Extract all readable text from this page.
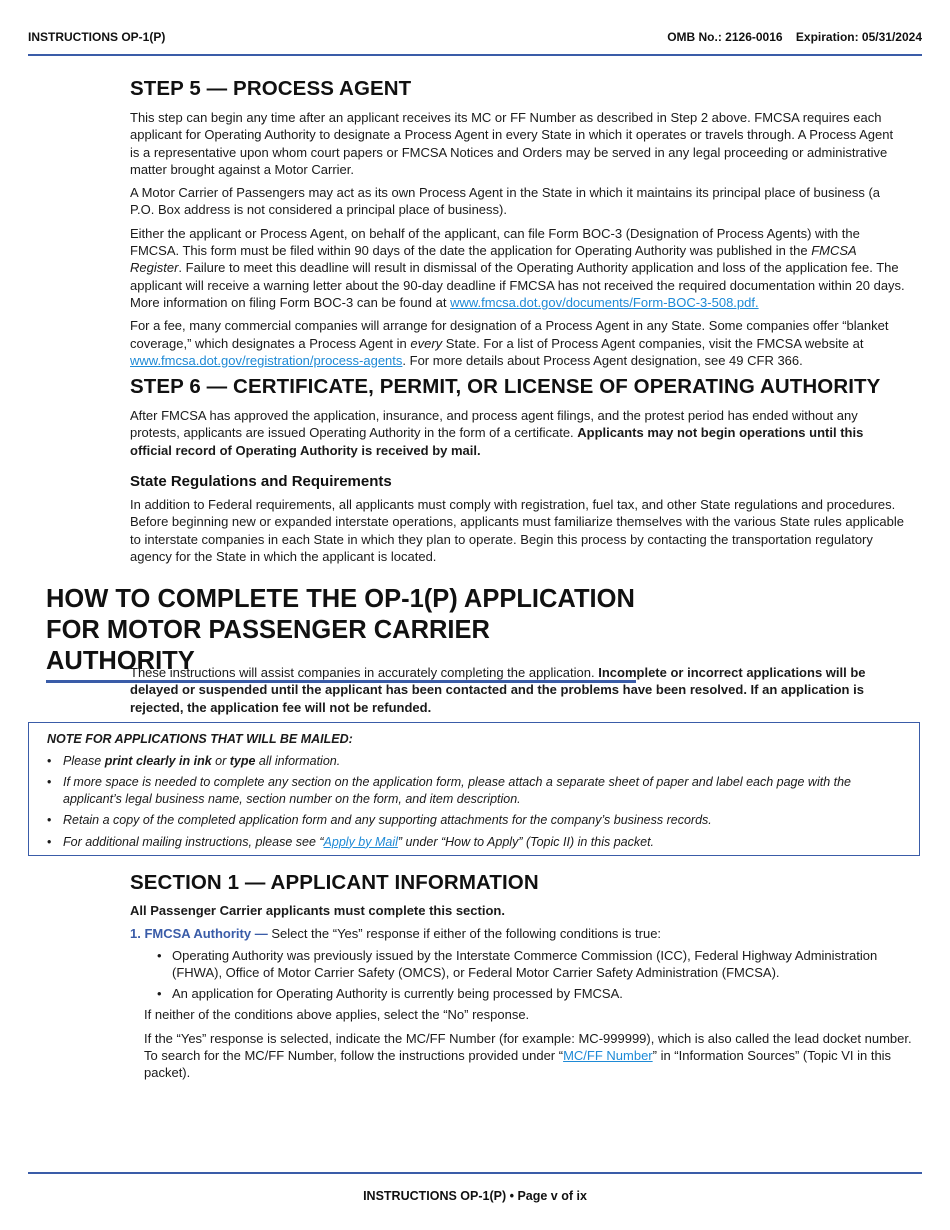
INSTRUCTIONS OP-1(P)	OMB No.: 2126-0016 Expiration: 05/31/2024
STEP 5 — PROCESS AGENT

This step can begin any time after an applicant receives its MC or FF Number as described in Step 2 above. FMCSA requires each applicant for Operating Authority to designate a Process Agent in every State in which it operates or travels through. A Process Agent is a representative upon whom court papers or FMCSA Notices and Orders may be served in any legal proceeding or administrative matter brought against a Motor Carrier.

A Motor Carrier of Passengers may act as its own Process Agent in the State in which it maintains its principal place of business (a P.O. Box address is not considered a principal place of business).

Either the applicant or Process Agent, on behalf of the applicant, can file Form BOC-3 (Designation of Process Agents) with the FMCSA. This form must be filed within 90 days of the date the application for Operating Authority was published in the FMCSA Register. Failure to meet this deadline will result in dismissal of the Operating Authority application and loss of the application fee. The applicant will receive a warning letter about the 90-day deadline if FMCSA has not received the required documentation within 20 days. More information on filing Form BOC-3 can be found at www.fmcsa.dot.gov/documents/Form-BOC-3-508.pdf.

For a fee, many commercial companies will arrange for designation of a Process Agent in any State. Some companies offer “blanket coverage,” which designates a Process Agent in every State. For a list of Process Agent companies, visit the FMCSA website at www.fmcsa.dot.gov/registration/process-agents. For more details about Process Agent designation, see 49 CFR 366.

STEP 6 — CERTIFICATE, PERMIT, OR LICENSE OF OPERATING AUTHORITY

After FMCSA has approved the application, insurance, and process agent filings, and the protest period has ended without any protests, applicants are issued Operating Authority in the form of a certificate. Applicants may not begin operations until this official record of Operating Authority is received by mail.

State Regulations and Requirements

In addition to Federal requirements, all applicants must comply with registration, fuel tax, and other State regulations and procedures. Before beginning new or expanded interstate operations, applicants must familiarize themselves with the various State rules applicable to interstate companies in each State in which they plan to operate. Begin this process by contacting the transportation regulatory agency for the State in which the applicant is located.

HOW TO COMPLETE THE OP-1(P) APPLICATION
FOR MOTOR PASSENGER CARRIER AUTHORITY

These instructions will assist companies in accurately completing the application. Incomplete or incorrect applications will be delayed or suspended until the applicant has been contacted and the problems have been resolved. If an application is rejected, the application fee will not be refunded.

NOTE FOR APPLICATIONS THAT WILL BE MAILED:
• Please print clearly in ink or type all information.
• If more space is needed to complete any section on the application form, please attach a separate sheet of paper and label each page with the applicant’s legal business name, section number on the form, and item description.
• Retain a copy of the completed application form and any supporting attachments for the company’s business records.
• For additional mailing instructions, please see “Apply by Mail” under “How to Apply” (Topic II) in this packet.
SECTION 1 — APPLICANT INFORMATION

All Passenger Carrier applicants must complete this section.

1. FMCSA Authority — Select the “Yes” response if either of the following conditions is true:

• Operating Authority was previously issued by the Interstate Commerce Commission (ICC), Federal Highway Administration (FHWA), Office of Motor Carrier Safety (OMCS), or Federal Motor Carrier Safety Administration (FMCSA).
• An application for Operating Authority is currently being processed by FMCSA.

If neither of the conditions above applies, select the “No” response.

If the “Yes” response is selected, indicate the MC/FF Number (for example: MC-999999), which is also called the lead docket number. To search for the MC/FF Number, follow the instructions provided under “MC/FF Number” in “Information Sources” (Topic VI in this packet).

INSTRUCTIONS OP-1(P) • Page v of ix
